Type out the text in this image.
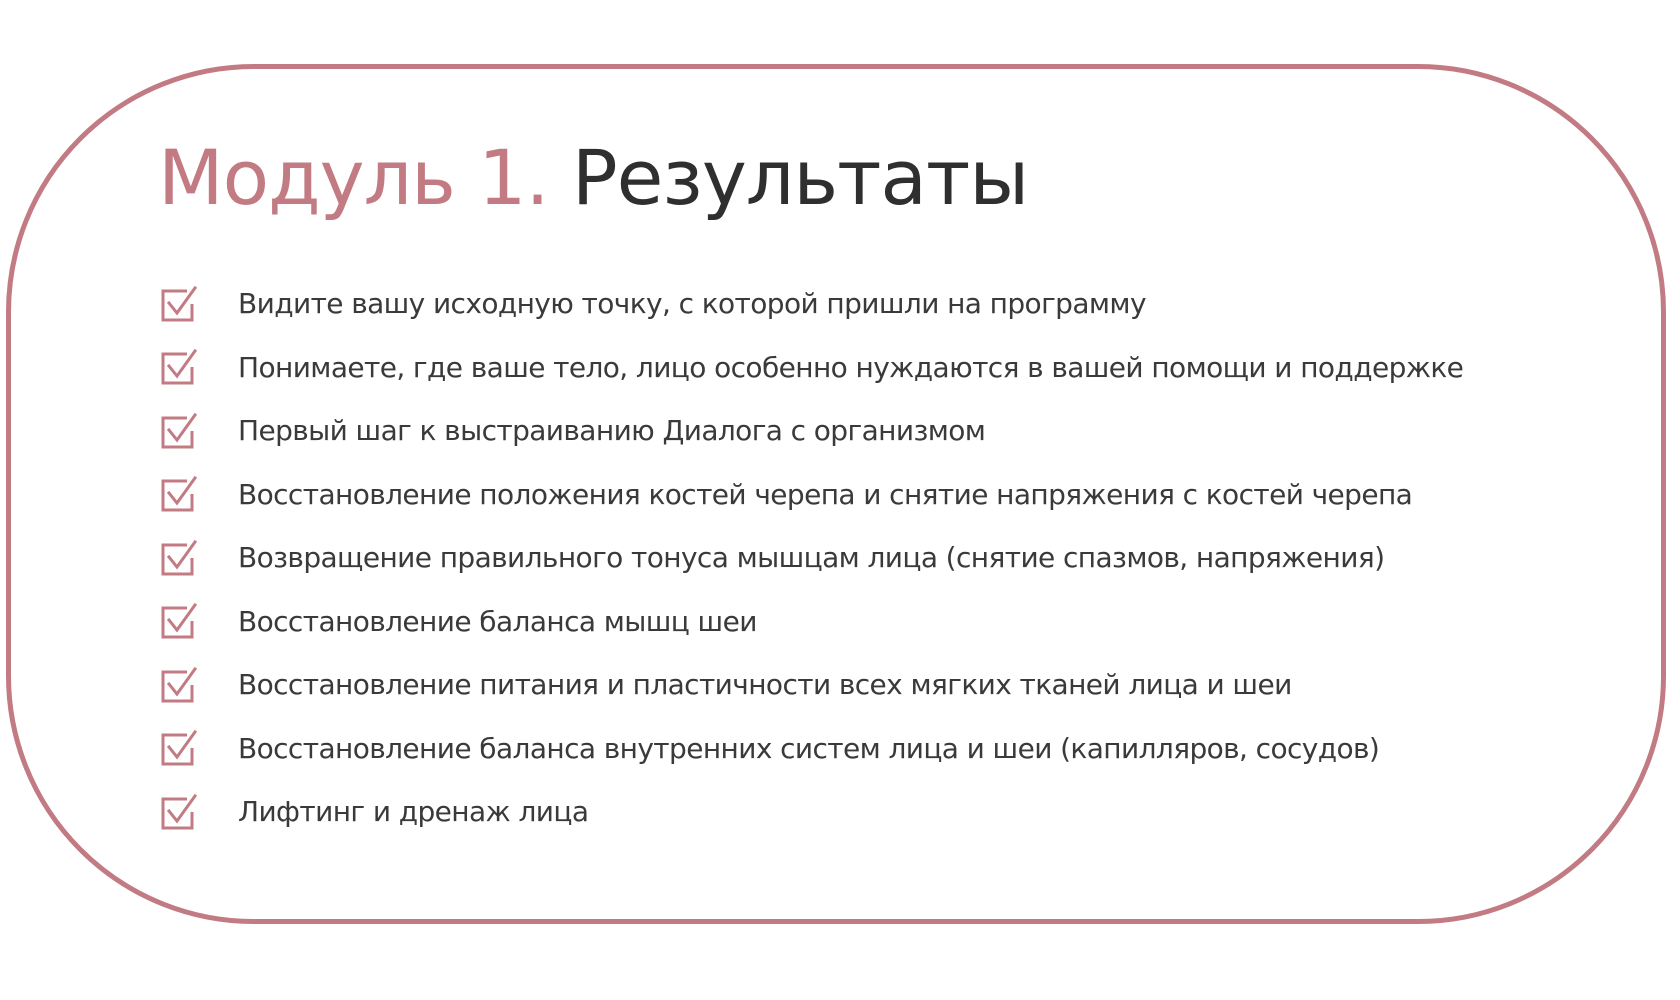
Модуль 1. Результаты
Видите вашу исходную точку, с которой пришли на программу
Понимаете, где ваше тело, лицо особенно нуждаются в вашей помощи и поддержке
Первый шаг к выстраиванию Диалога с организмом
Восстановление положения костей черепа и снятие напряжения с костей черепа
Возвращение правильного тонуса мышцам лица (снятие спазмов, напряжения)
Восстановление баланса мышц шеи
Восстановление питания и пластичности всех мягких тканей лица и шеи
Восстановление баланса внутренних систем лица и шеи (капилляров, сосудов)
Лифтинг и дренаж лица
